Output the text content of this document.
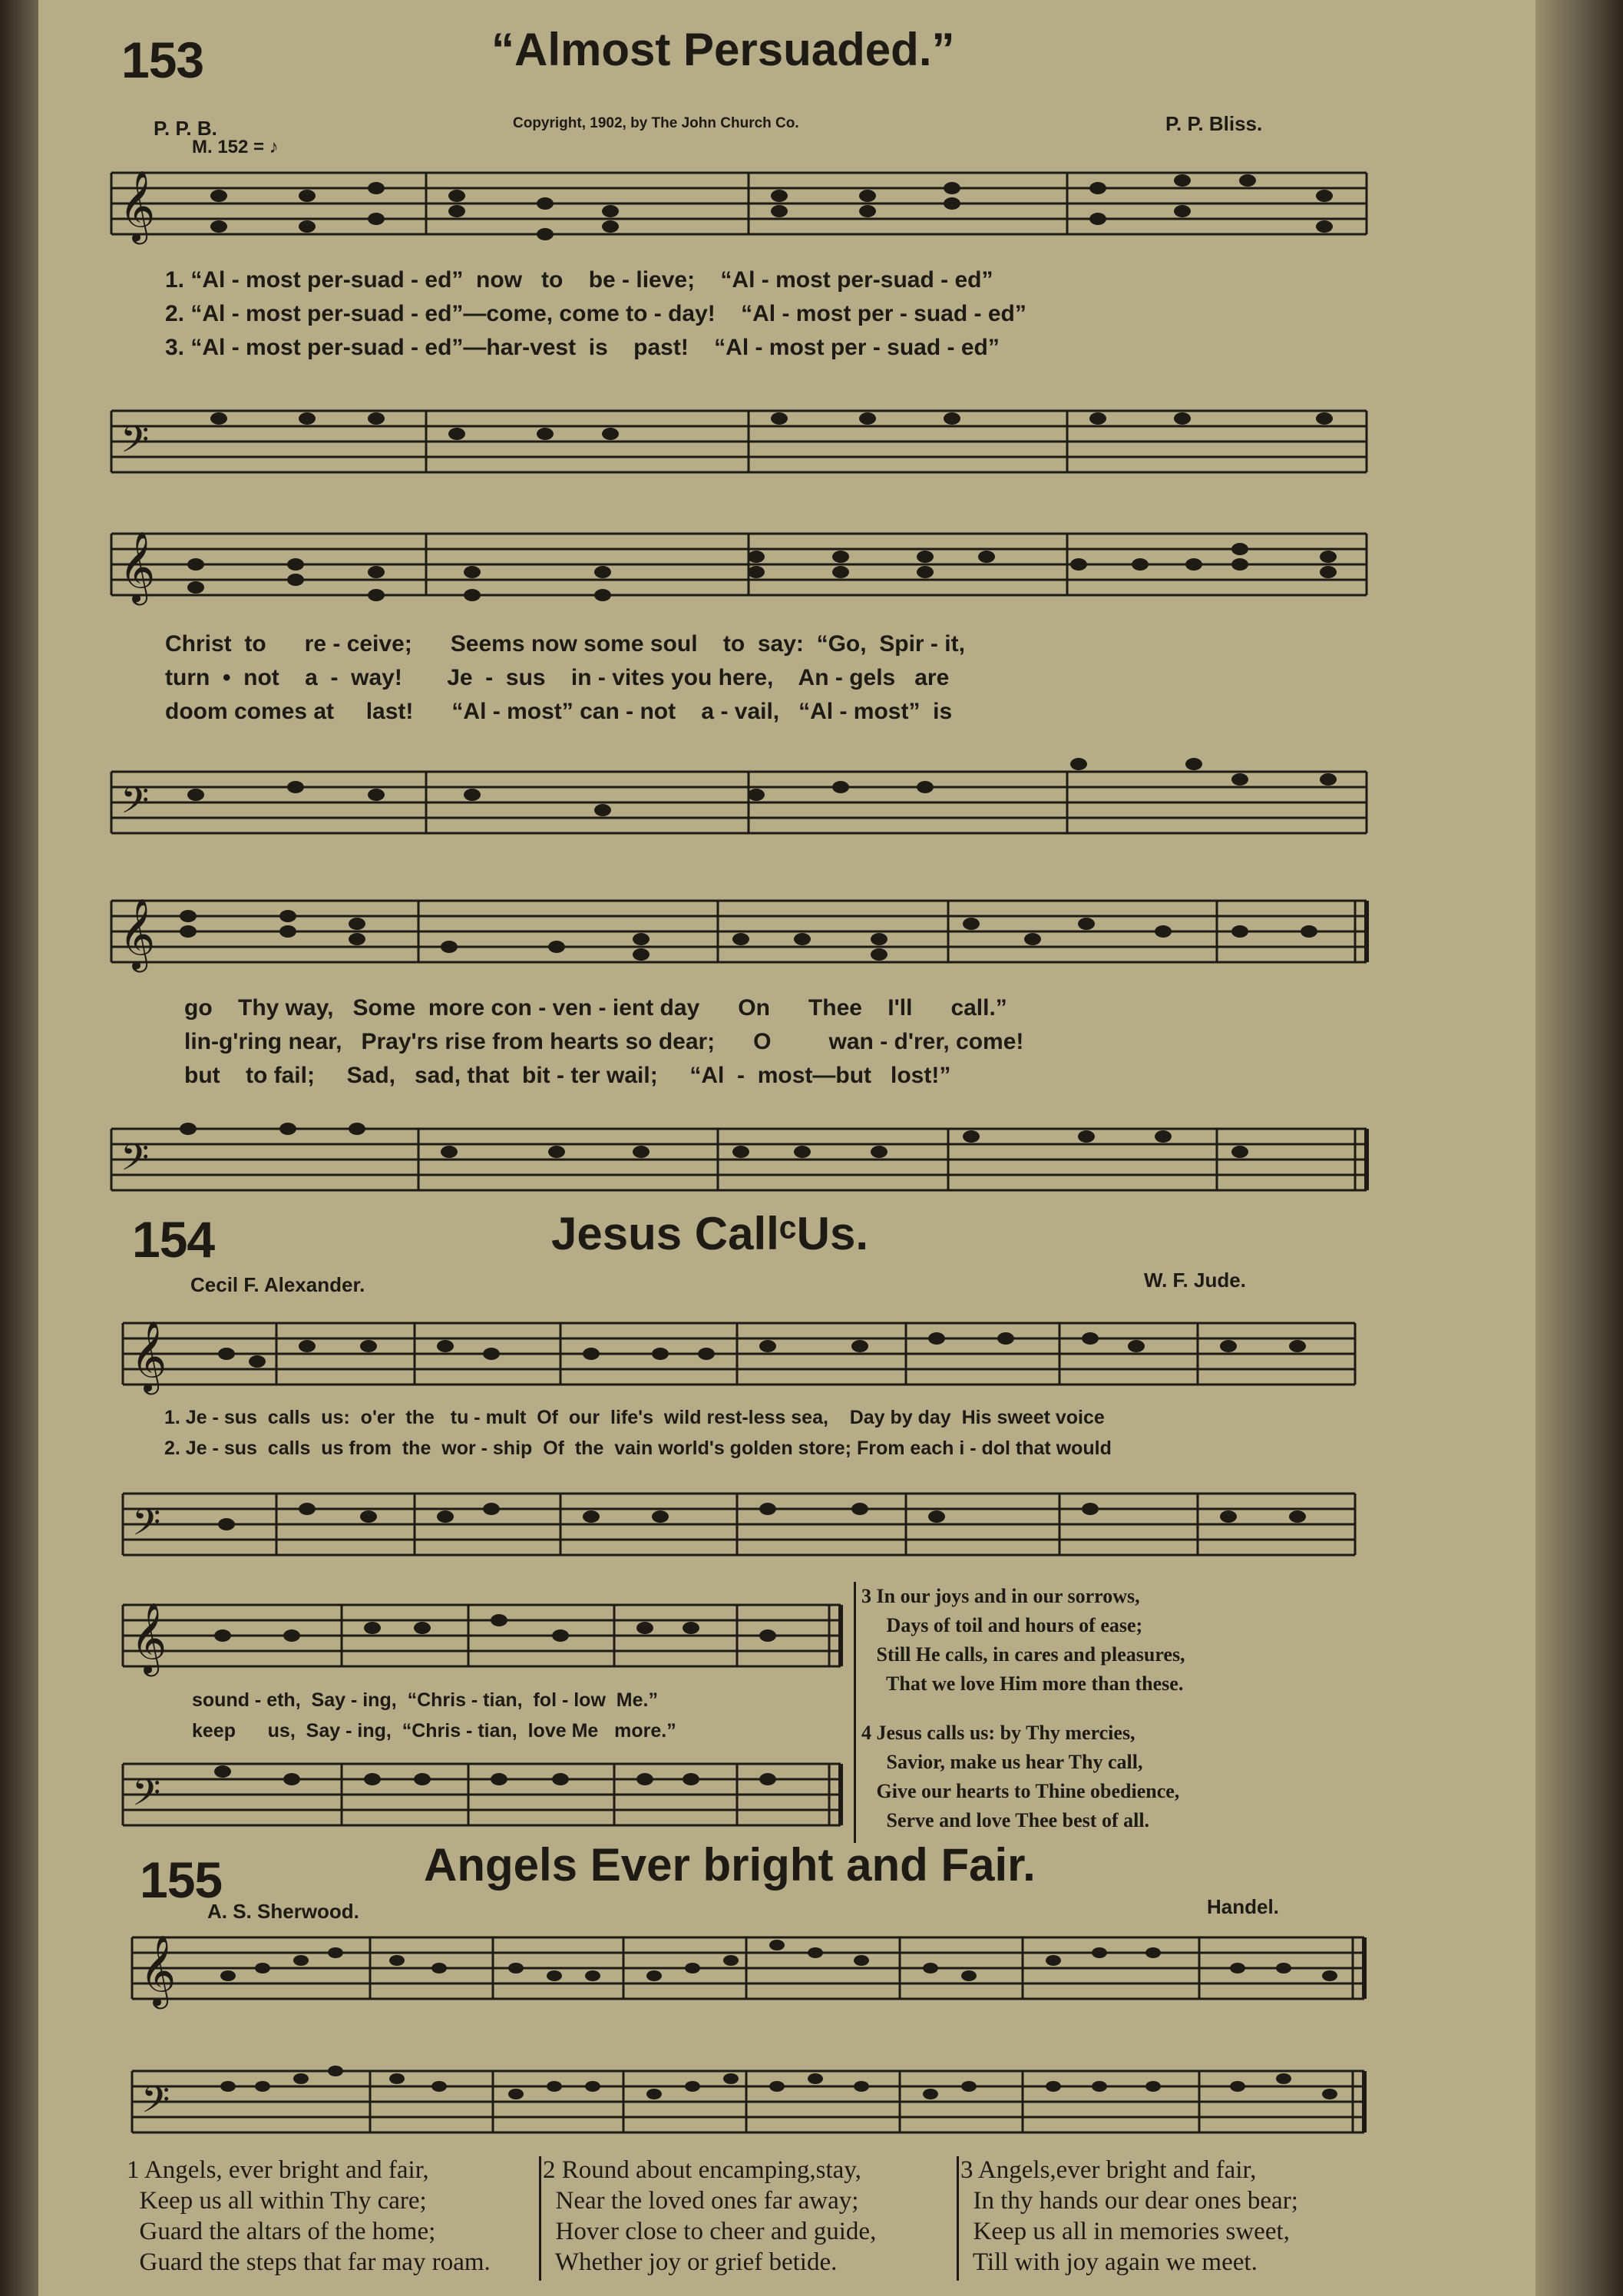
153	“Almost Persuaded.”
P. P. B.
M. 152 = ♪
Copyright, 1902, by The John Church Co.	P. P. Bliss.
𝄞
1. “Al - most per-suad - ed”  now   to    be - lieve;    “Al - most per-suad - ed”
2. “Al - most per-suad - ed”—come, come to - day!    “Al - most per - suad - ed”
3. “Al - most per-suad - ed”—har-vest  is    past!    “Al - most per - suad - ed”
𝄢
𝄞
Christ  to      re - ceive;      Seems now some soul    to  say:  “Go,  Spir - it,
turn  •  not    a  -  way!       Je  -  sus    in - vites you here,    An - gels   are
doom comes at     last!      “Al - most” can - not    a - vail,   “Al - most”  is
𝄢
𝄞
go    Thy way,   Some  more con - ven - ient day      On      Thee    I'll      call.”
lin-g'ring near,   Pray'rs rise from hearts so dear;      O         wan - d'rer, come!
but    to fail;     Sad,   sad, that  bit - ter wail;     “Al  -  most—but   lost!”
𝄢
154	Jesus CallᶜUs.
Cecil F. Alexander.	W. F. Jude.
𝄞
1. Je - sus  calls  us:  o'er  the   tu - mult  Of  our  life's  wild rest-less sea,    Day by day  His sweet voice
2. Je - sus  calls  us from  the  wor - ship  Of  the  vain world's golden store; From each i - dol that would
𝄢
𝄞
sound - eth,  Say - ing,  “Chris - tian,  fol - low  Me.”
keep      us,  Say - ing,  “Chris - tian,  love Me   more.”
𝄢
3 In our joys and in our sorrows,
Days of toil and hours of ease;
Still He calls, in cares and pleasures,
That we love Him more than these.
4 Jesus calls us: by Thy mercies,
Savior, make us hear Thy call,
Give our hearts to Thine obedience,
Serve and love Thee best of all.
155	Angels Ever bright and Fair.
A. S. Sherwood.	Handel.
𝄞
𝄢
1 Angels, ever bright and fair,
Keep us all within Thy care;
Guard the altars of the home;
Guard the steps that far may roam.
2 Round about encamping,stay,
Near the loved ones far away;
Hover close to cheer and guide,
Whether joy or grief betide.
3 Angels,ever bright and fair,
In thy hands our dear ones bear;
Keep us all in memories sweet,
Till with joy again we meet.
